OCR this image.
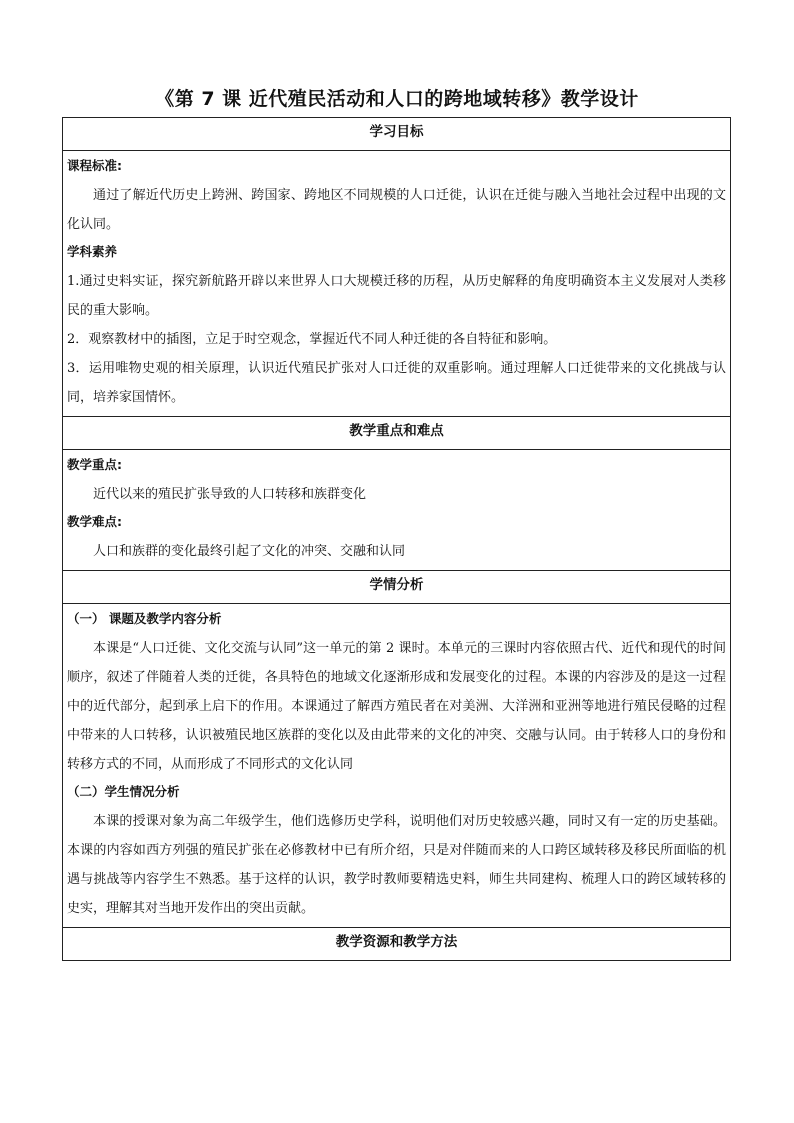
《第 7 课 近代殖民活动和人口的跨地域转移》教学设计
学习目标

课程标准:

通过了解近代历史上跨洲、跨国家、跨地区不同规模的人口迁徙，认识在迁徙与融入当地社会过程中出现的文化认同。

学科素养

1.通过史料实证，探究新航路开辟以来世界人口大规模迁移的历程，从历史解释的角度明确资本主义发展对人类移民的重大影响。

2．观察教材中的插图，立足于时空观念，掌握近代不同人种迁徙的各自特征和影响。

3．运用唯物史观的相关原理，认识近代殖民扩张对人口迁徙的双重影响。通过理解人口迁徙带来的文化挑战与认同，培养家国情怀。

教学重点和难点

教学重点:

近代以来的殖民扩张导致的人口转移和族群变化

教学难点:

人口和族群的变化最终引起了文化的冲突、交融和认同

学情分析

（一） 课题及教学内容分析

本课是“人口迁徙、文化交流与认同”这一单元的第 2 课时。本单元的三课时内容依照古代、近代和现代的时间顺序，叙述了伴随着人类的迁徙，各具特色的地域文化逐渐形成和发展变化的过程。本课的内容涉及的是这一过程中的近代部分，起到承上启下的作用。本课通过了解西方殖民者在对美洲、大洋洲和亚洲等地进行殖民侵略的过程中带来的人口转移，认识被殖民地区族群的变化以及由此带来的文化的冲突、交融与认同。由于转移人口的身份和转移方式的不同，从而形成了不同形式的文化认同

（二）学生情况分析

本课的授课对象为高二年级学生，他们选修历史学科，说明他们对历史较感兴趣，同时又有一定的历史基础。本课的内容如西方列强的殖民扩张在必修教材中已有所介绍，只是对伴随而来的人口跨区域转移及移民所面临的机遇与挑战等内容学生不熟悉。基于这样的认识，教学时教师要精选史料，师生共同建构、梳理人口的跨区域转移的史实，理解其对当地开发作出的突出贡献。

教学资源和教学方法
